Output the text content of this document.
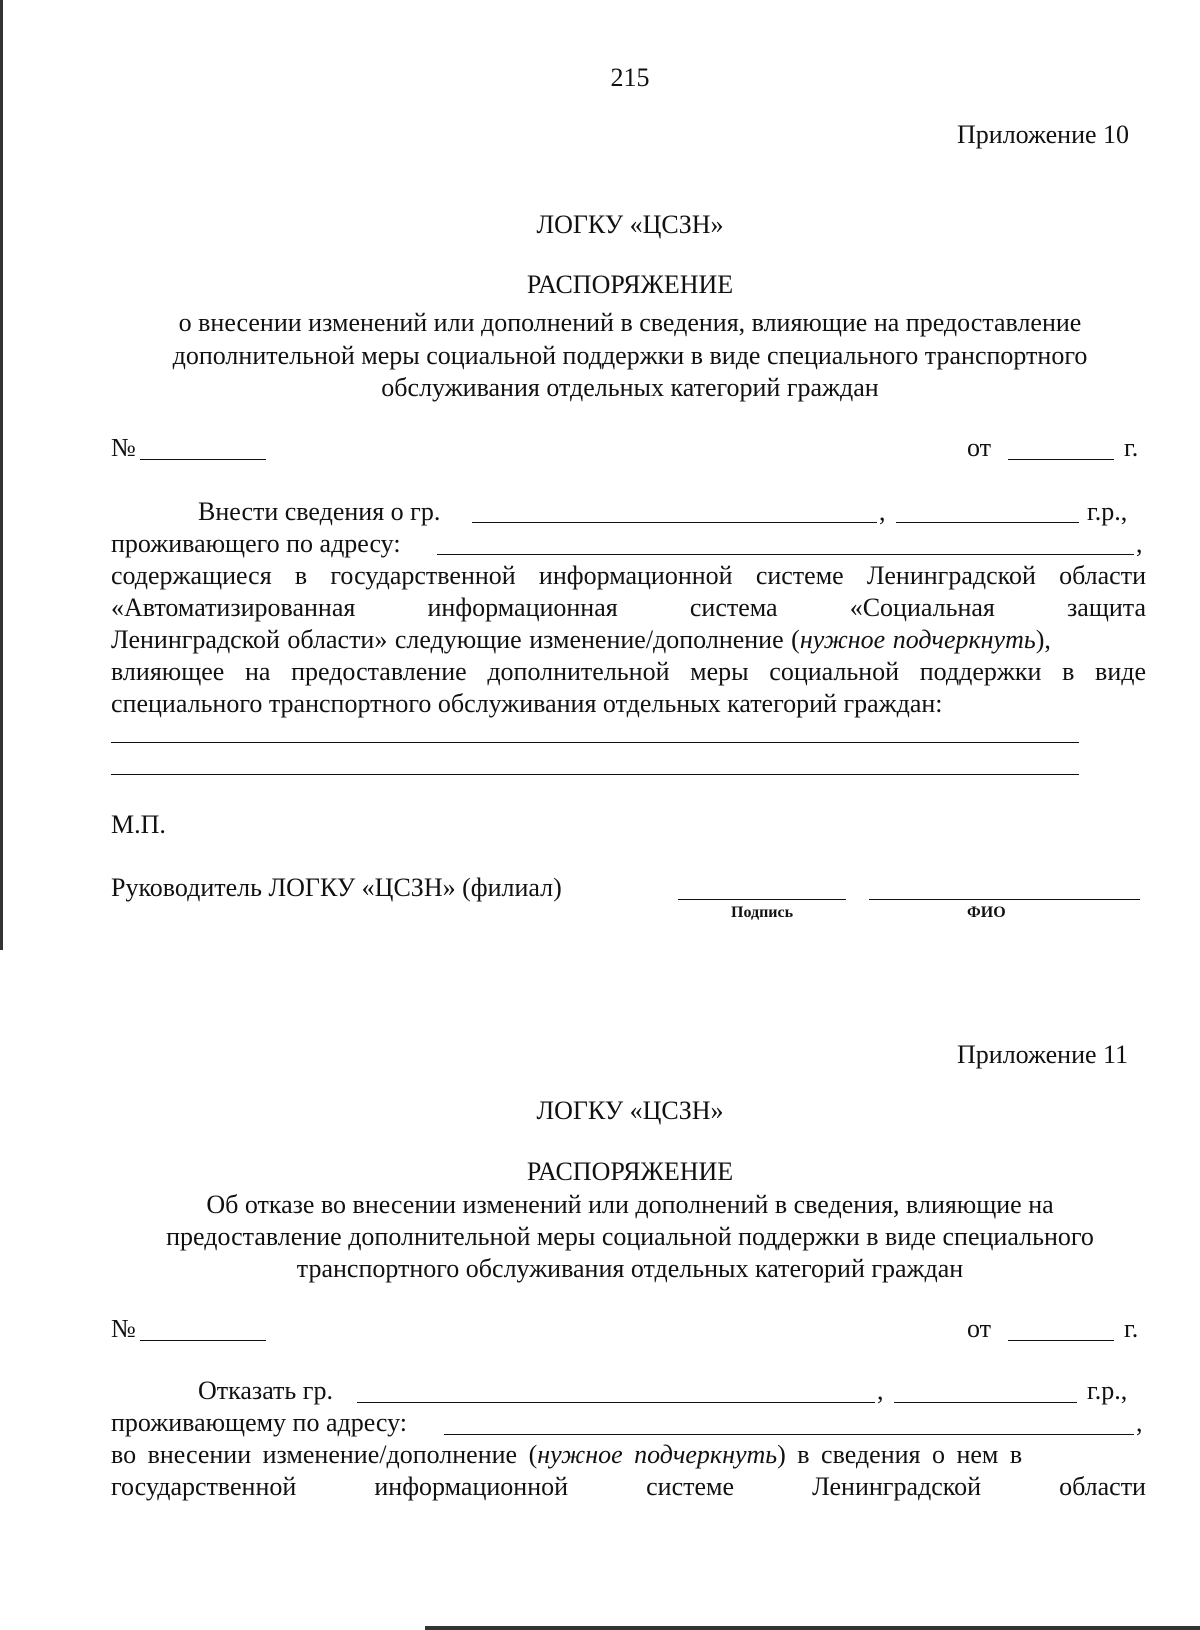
215
Приложение 10
ЛОГКУ «ЦСЗН»
РАСПОРЯЖЕНИЕ
о внесении изменений или дополнений в сведения, влияющие на предоставление
дополнительной меры социальной поддержки в виде специального транспортного
обслуживания отдельных категорий граждан
№	от	г.
Внести сведения о гр.	,	г.р.,
проживающего по адресу:	,
содержащиеся в государственной информационной системе Ленинградской области
«Автоматизированная	информационная	система	«Социальная	защита
Ленинградской области» следующие изменение/дополнение (нужное подчеркнуть),
влияющее на предоставление дополнительной меры социальной поддержки в виде
специального транспортного обслуживания отдельных категорий граждан:
М.П.
Руководитель ЛОГКУ «ЦСЗН» (филиал)
Подпись	ФИО
Приложение 11
ЛОГКУ «ЦСЗН»
РАСПОРЯЖЕНИЕ
Об отказе во внесении изменений или дополнений в сведения, влияющие на
предоставление дополнительной меры социальной поддержки в виде специального
транспортного обслуживания отдельных категорий граждан
№	от	г.
Отказать гр.	,	г.р.,
проживающему по адресу:	,
во внесении изменение/дополнение (нужное подчеркнуть) в сведения о нем в
государственной	информационной	системе	Ленинградской	области
